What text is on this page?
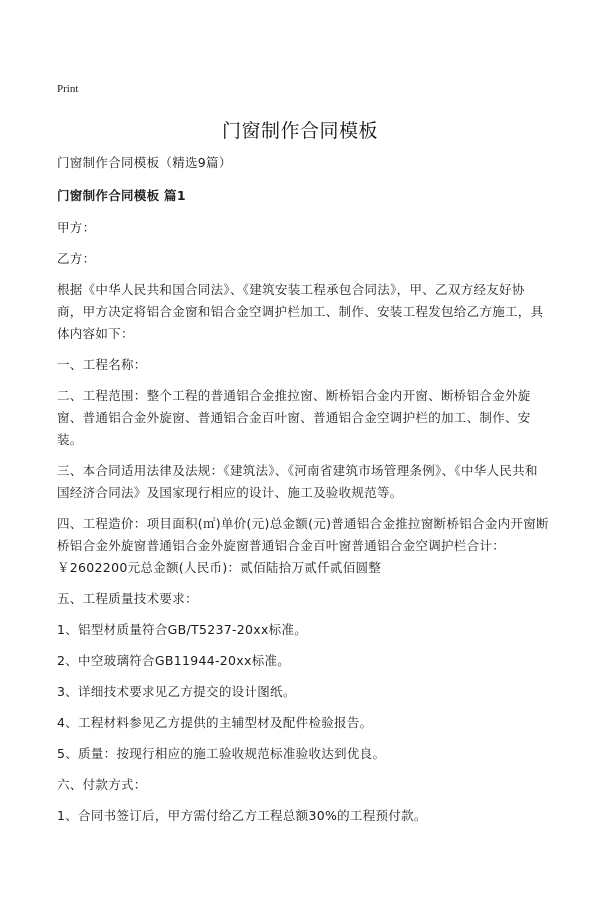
Print
门窗制作合同模板

门窗制作合同模板（精选9篇）

门窗制作合同模板 篇1

甲方：

乙方：

根据《中华人民共和国合同法》、《建筑安装工程承包合同法》，甲、乙双方经友好协商，甲方决定将铝合金窗和铝合金空调护栏加工、制作、安装工程发包给乙方施工，具体内容如下：

一、工程名称：

二、工程范围：整个工程的普通铝合金推拉窗、断桥铝合金内开窗、断桥铝合金外旋窗、普通铝合金外旋窗、普通铝合金百叶窗、普通铝合金空调护栏的加工、制作、安装。

三、本合同适用法律及法规：《建筑法》、《河南省建筑市场管理条例》、《中华人民共和国经济合同法》及国家现行相应的设计、施工及验收规范等。

四、工程造价：项目面积(㎡)单价(元)总金额(元)普通铝合金推拉窗断桥铝合金内开窗断桥铝合金外旋窗普通铝合金外旋窗普通铝合金百叶窗普通铝合金空调护栏合计：￥2602200元总金额(人民币)：贰佰陆拾万贰仟贰佰圆整

五、工程质量技术要求：

1、铝型材质量符合GB/T5237-20xx标准。

2、中空玻璃符合GB11944-20xx标准。

3、详细技术要求见乙方提交的设计图纸。

4、工程材料参见乙方提供的主辅型材及配件检验报告。

5、质量：按现行相应的施工验收规范标准验收达到优良。

六、付款方式：

1、合同书签订后，甲方需付给乙方工程总额30%的工程预付款。
